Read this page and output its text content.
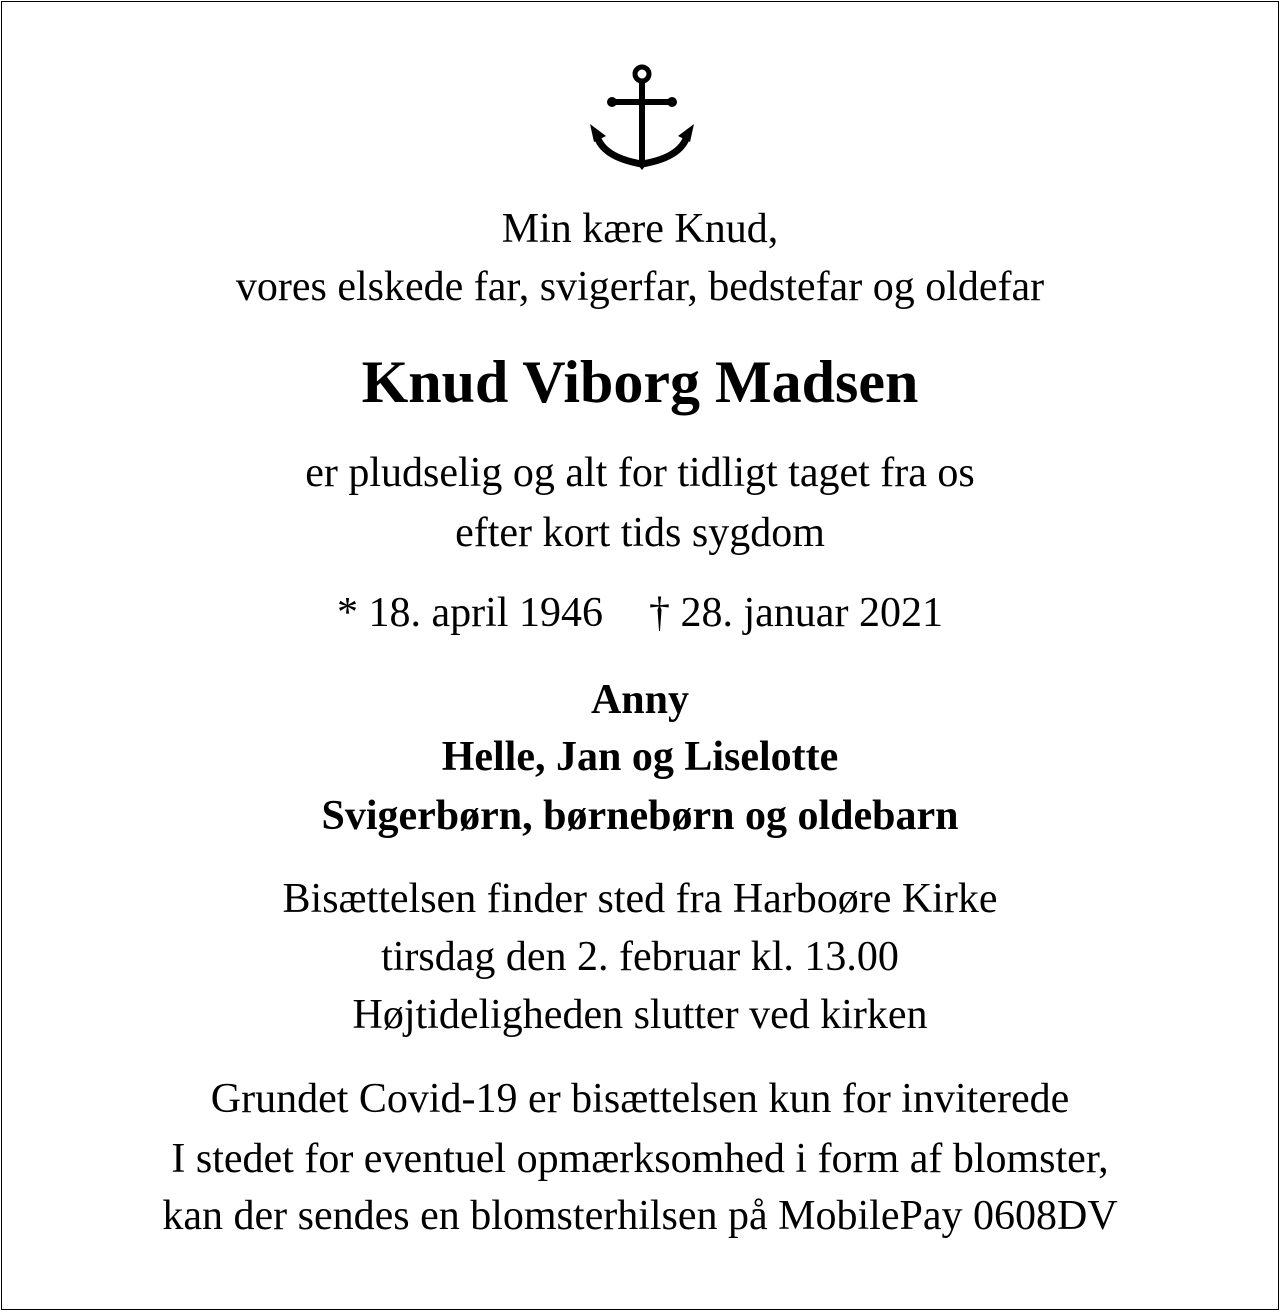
Min kære Knud,
vores elskede far, svigerfar, bedstefar og oldefar
Knud Viborg Madsen
er pludselig og alt for tidligt taget fra os
efter kort tids sygdom
* 18. april 1946 † 28. januar 2021
Anny
Helle, Jan og Liselotte
Svigerbørn, børnebørn og oldebarn
Bisættelsen finder sted fra Harboøre Kirke
tirsdag den 2. februar kl. 13.00
Højtideligheden slutter ved kirken
Grundet Covid-19 er bisættelsen kun for inviterede
I stedet for eventuel opmærksomhed i form af blomster,
kan der sendes en blomsterhilsen på MobilePay 0608DV
